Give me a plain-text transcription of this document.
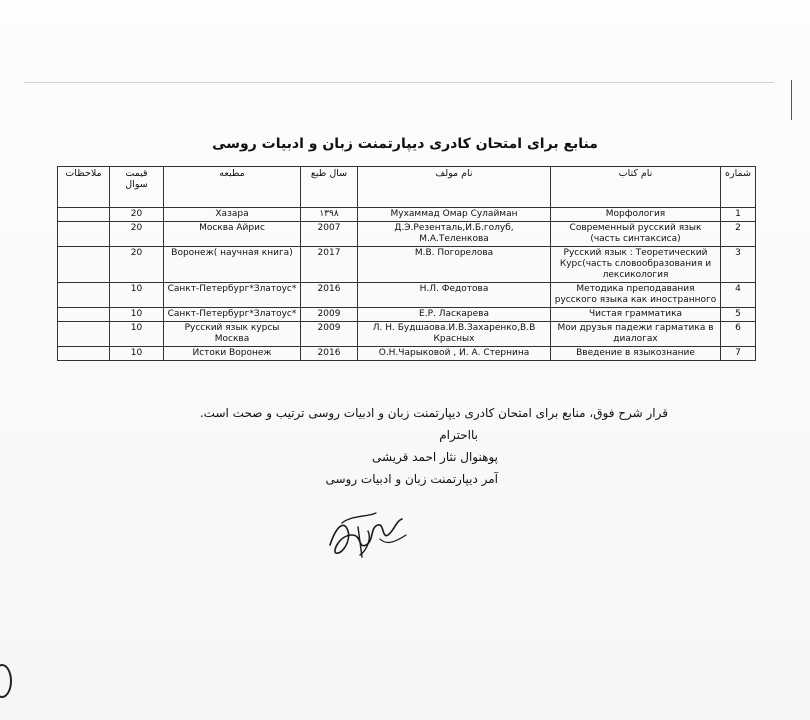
منابع برای امتحان کادری دیپارتمنت زبان و ادبیات روسی
ملاحظات	قیمت سوال	مطبعه	سال طبع	نام مولف	نام کتاب	شماره
	20	Хазара	۱۳۹۸	Мухаммад Омар Сулайман	Морфология	1
	20	Москва Айрис	2007	Д.Э.Резенталь,И.Б.голуб, М.А.Теленкова	Современный русский язык (часть синтаксиса)	2
	20	Воронеж( научная книга)	2017	М.В. Погорелова	Русский язык : Теоретический Курс(часть словообразования и лексикология	3
	10	Санкт-Петербург*Златоус*	2016	Н.Л. Федотова	Методика преподавания русского языка как иностранного	4
	10	Санкт-Петербург*Златоус*	2009	Е.Р. Ласкарева	Чистая грамматика	5
	10	Русский язык курсы Москва	2009	Л. Н. Будшаова.И.В.Захаренко,В.В Красных	Мои друзья падежи гарматика в диалогах	6
	10	Истоки Воронеж	2016	О.Н.Чарыковой , И. А. Стернина	Введение в языкознание	7
قرار شرح فوق، منابع برای امتحان کادری دیپارتمنت زبان و ادبیات روسی ترتیب و صحت است.
بااحترام
پوهنوال نثار احمد قریشی
آمر دیپارتمنت زبان و ادبیات روسی
